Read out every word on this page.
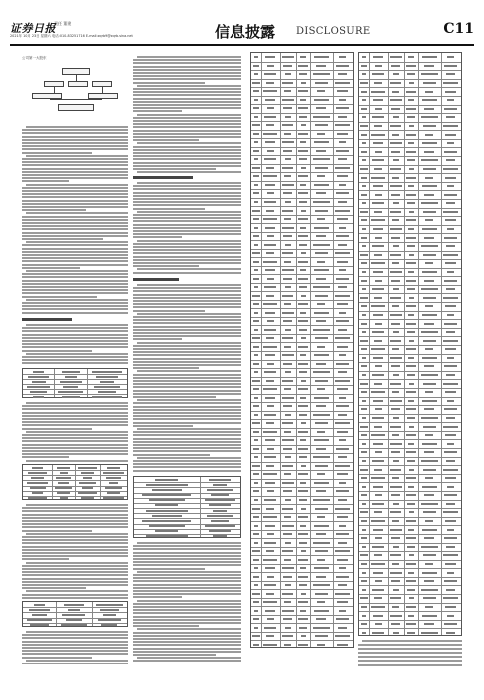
证券日报
责任 董建
2021年 10月 23日 星期六 电话:010-83251716 E-mail:zqrb9@zqrb.sina.net	信息披露 DISCLOSURE	C11
公司第一大股东
